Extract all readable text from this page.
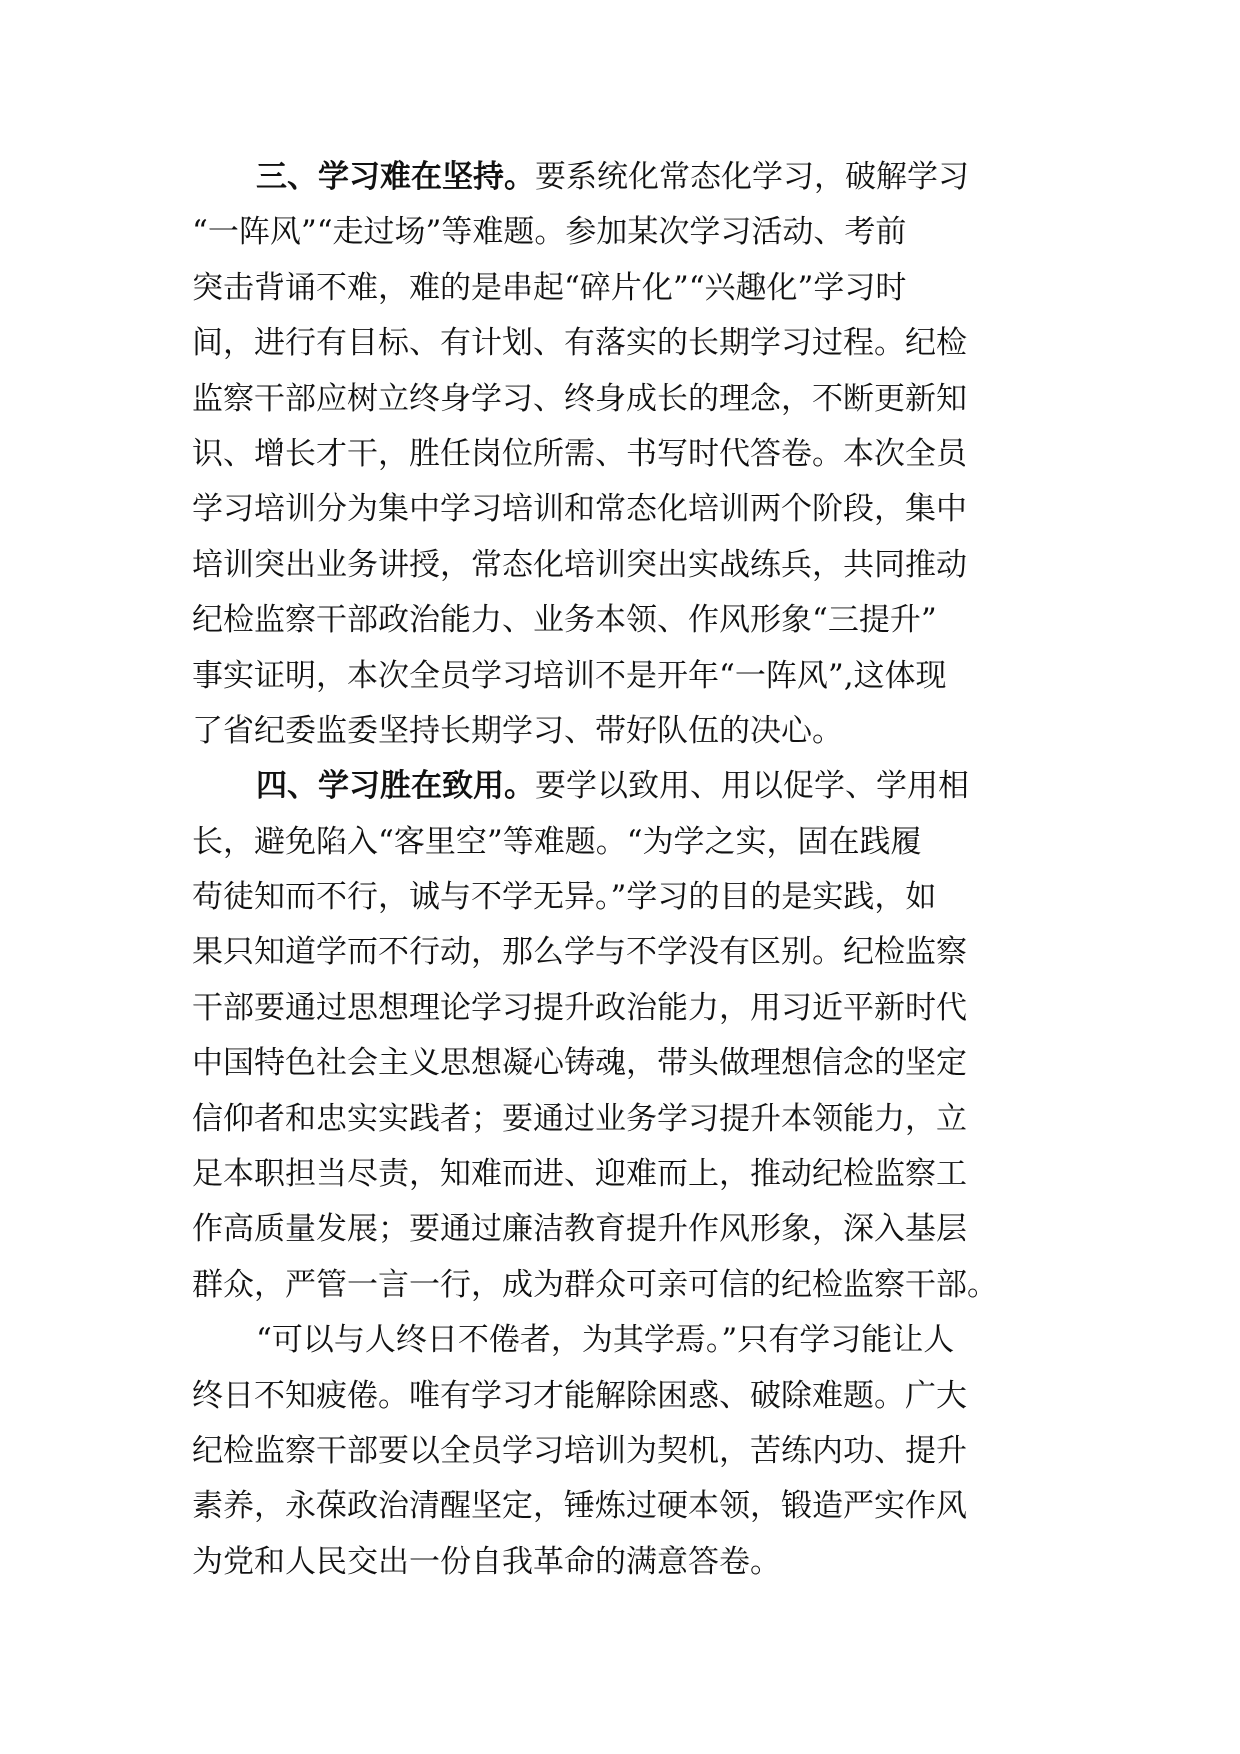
三、学习难在坚持。要系统化常态化学习，破解学习
“一阵风”“走过场”等难题。参加某次学习活动、考前
突击背诵不难，难的是串起“碎片化”“兴趣化”学习时
间，进行有目标、有计划、有落实的长期学习过程。纪检
监察干部应树立终身学习、终身成长的理念，不断更新知
识、增长才干，胜任岗位所需、书写时代答卷。本次全员
学习培训分为集中学习培训和常态化培训两个阶段，集中
培训突出业务讲授，常态化培训突出实战练兵，共同推动
纪检监察干部政治能力、业务本领、作风形象“三提升”
事实证明，本次全员学习培训不是开年“一阵风”,这体现
了省纪委监委坚持长期学习、带好队伍的决心。
四、学习胜在致用。要学以致用、用以促学、学用相
长，避免陷入“客里空”等难题。“为学之实，固在践履
苟徒知而不行，诚与不学无异。”学习的目的是实践，如
果只知道学而不行动，那么学与不学没有区别。纪检监察
干部要通过思想理论学习提升政治能力，用习近平新时代
中国特色社会主义思想凝心铸魂，带头做理想信念的坚定
信仰者和忠实实践者；要通过业务学习提升本领能力，立
足本职担当尽责，知难而进、迎难而上，推动纪检监察工
作高质量发展；要通过廉洁教育提升作风形象，深入基层
群众，严管一言一行，成为群众可亲可信的纪检监察干部。
“可以与人终日不倦者，为其学焉。”只有学习能让人
终日不知疲倦。唯有学习才能解除困惑、破除难题。广大
纪检监察干部要以全员学习培训为契机，苦练内功、提升
素养，永葆政治清醒坚定，锤炼过硬本领，锻造严实作风
为党和人民交出一份自我革命的满意答卷。
